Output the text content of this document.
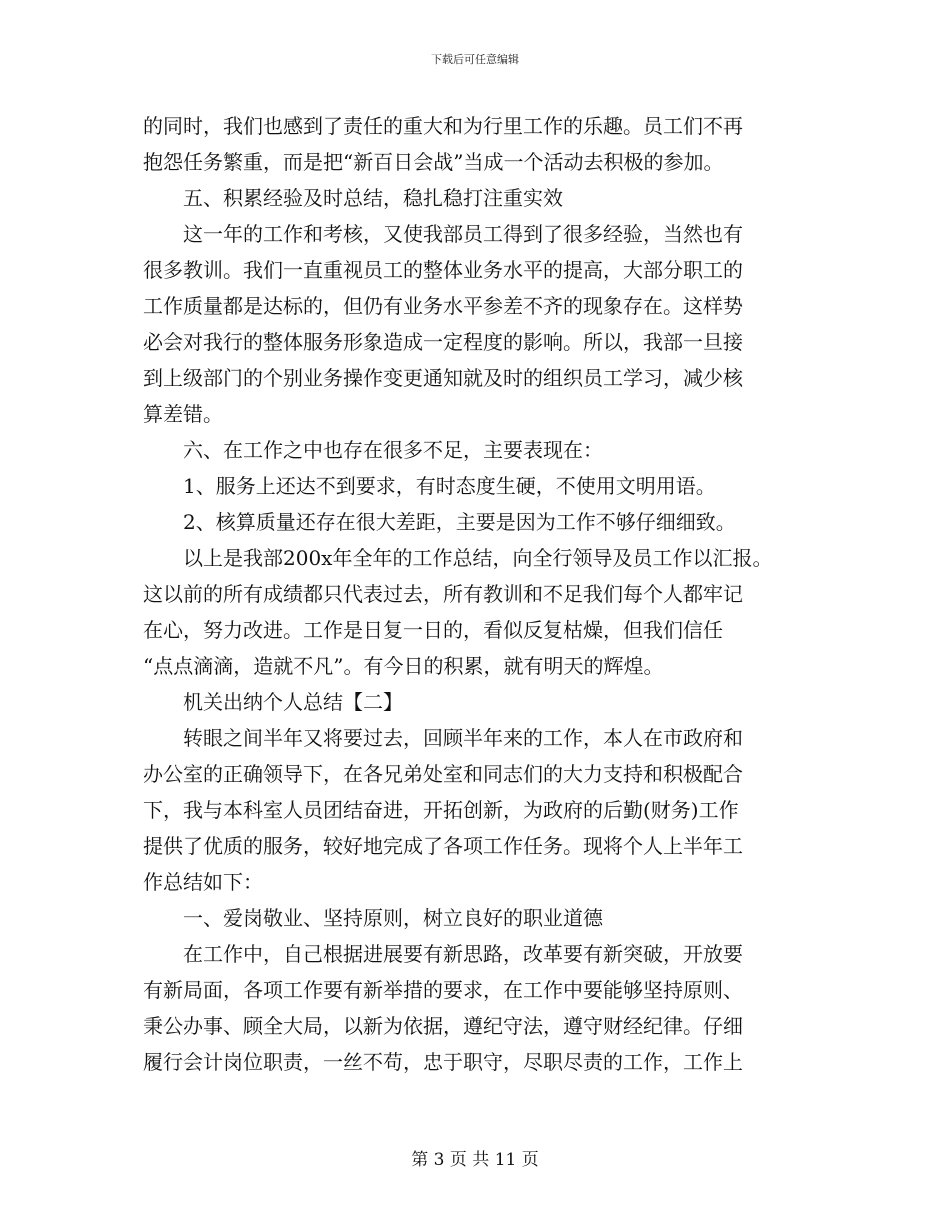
下载后可任意编辑
的同时，我们也感到了责任的重大和为行里工作的乐趣。员工们不再
抱怨任务繁重，而是把“新百日会战”当成一个活动去积极的参加。
五、积累经验及时总结，稳扎稳打注重实效
这一年的工作和考核，又使我部员工得到了很多经验，当然也有
很多教训。我们一直重视员工的整体业务水平的提高，大部分职工的
工作质量都是达标的，但仍有业务水平参差不齐的现象存在。这样势
必会对我行的整体服务形象造成一定程度的影响。所以，我部一旦接
到上级部门的个别业务操作变更通知就及时的组织员工学习，减少核
算差错。
六、在工作之中也存在很多不足，主要表现在：
1、服务上还达不到要求，有时态度生硬，不使用文明用语。
2、核算质量还存在很大差距，主要是因为工作不够仔细细致。
以上是我部200x年全年的工作总结，向全行领导及员工作以汇报。
这以前的所有成绩都只代表过去，所有教训和不足我们每个人都牢记
在心，努力改进。工作是日复一日的，看似反复枯燥，但我们信任
“点点滴滴，造就不凡”。有今日的积累，就有明天的辉煌。
机关出纳个人总结【二】
转眼之间半年又将要过去，回顾半年来的工作，本人在市政府和
办公室的正确领导下，在各兄弟处室和同志们的大力支持和积极配合
下，我与本科室人员团结奋进，开拓创新，为政府的后勤(财务)工作
提供了优质的服务，较好地完成了各项工作任务。现将个人上半年工
作总结如下：
一、爱岗敬业、坚持原则，树立良好的职业道德
在工作中，自己根据进展要有新思路，改革要有新突破，开放要
有新局面，各项工作要有新举措的要求，在工作中要能够坚持原则、
秉公办事、顾全大局，以新为依据，遵纪守法，遵守财经纪律。仔细
履行会计岗位职责，一丝不苟，忠于职守，尽职尽责的工作，工作上
第 3 页 共 11 页
